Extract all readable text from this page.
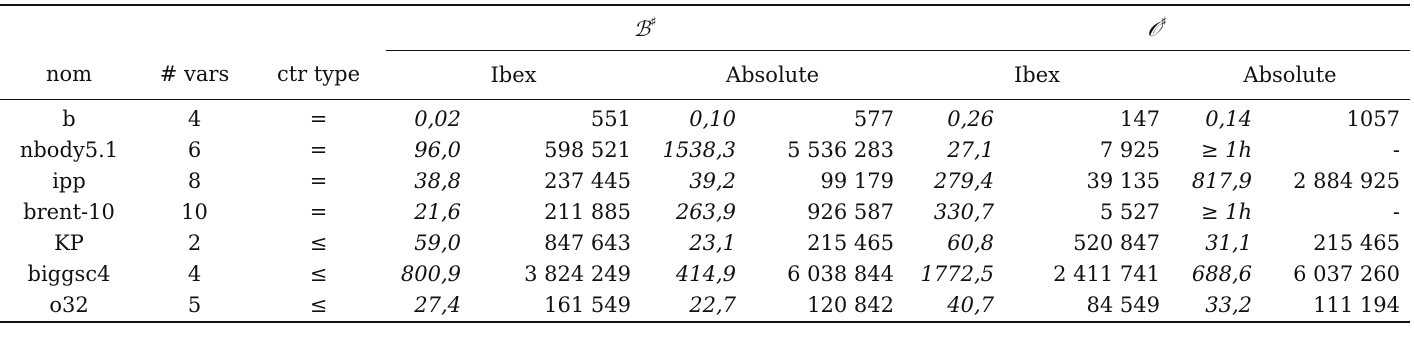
			ℬ♯				𝒪♯
nom	# vars	ctr type	Ibex		Absolute		Ibex		Absolute	
b	4	=	0,02	551	0,10	577	0,26	147	0,14	1057
nbody5.1	6	=	96,0	598 521	1538,3	5 536 283	27,1	7 925	≥ 1h	-
ipp	8	=	38,8	237 445	39,2	99 179	279,4	39 135	817,9	2 884 925
brent-10	10	=	21,6	211 885	263,9	926 587	330,7	5 527	≥ 1h	-
KP	2	≤	59,0	847 643	23,1	215 465	60,8	520 847	31,1	215 465
biggsc4	4	≤	800,9	3 824 249	414,9	6 038 844	1772,5	2 411 741	688,6	6 037 260
o32	5	≤	27,4	161 549	22,7	120 842	40,7	84 549	33,2	111 194
